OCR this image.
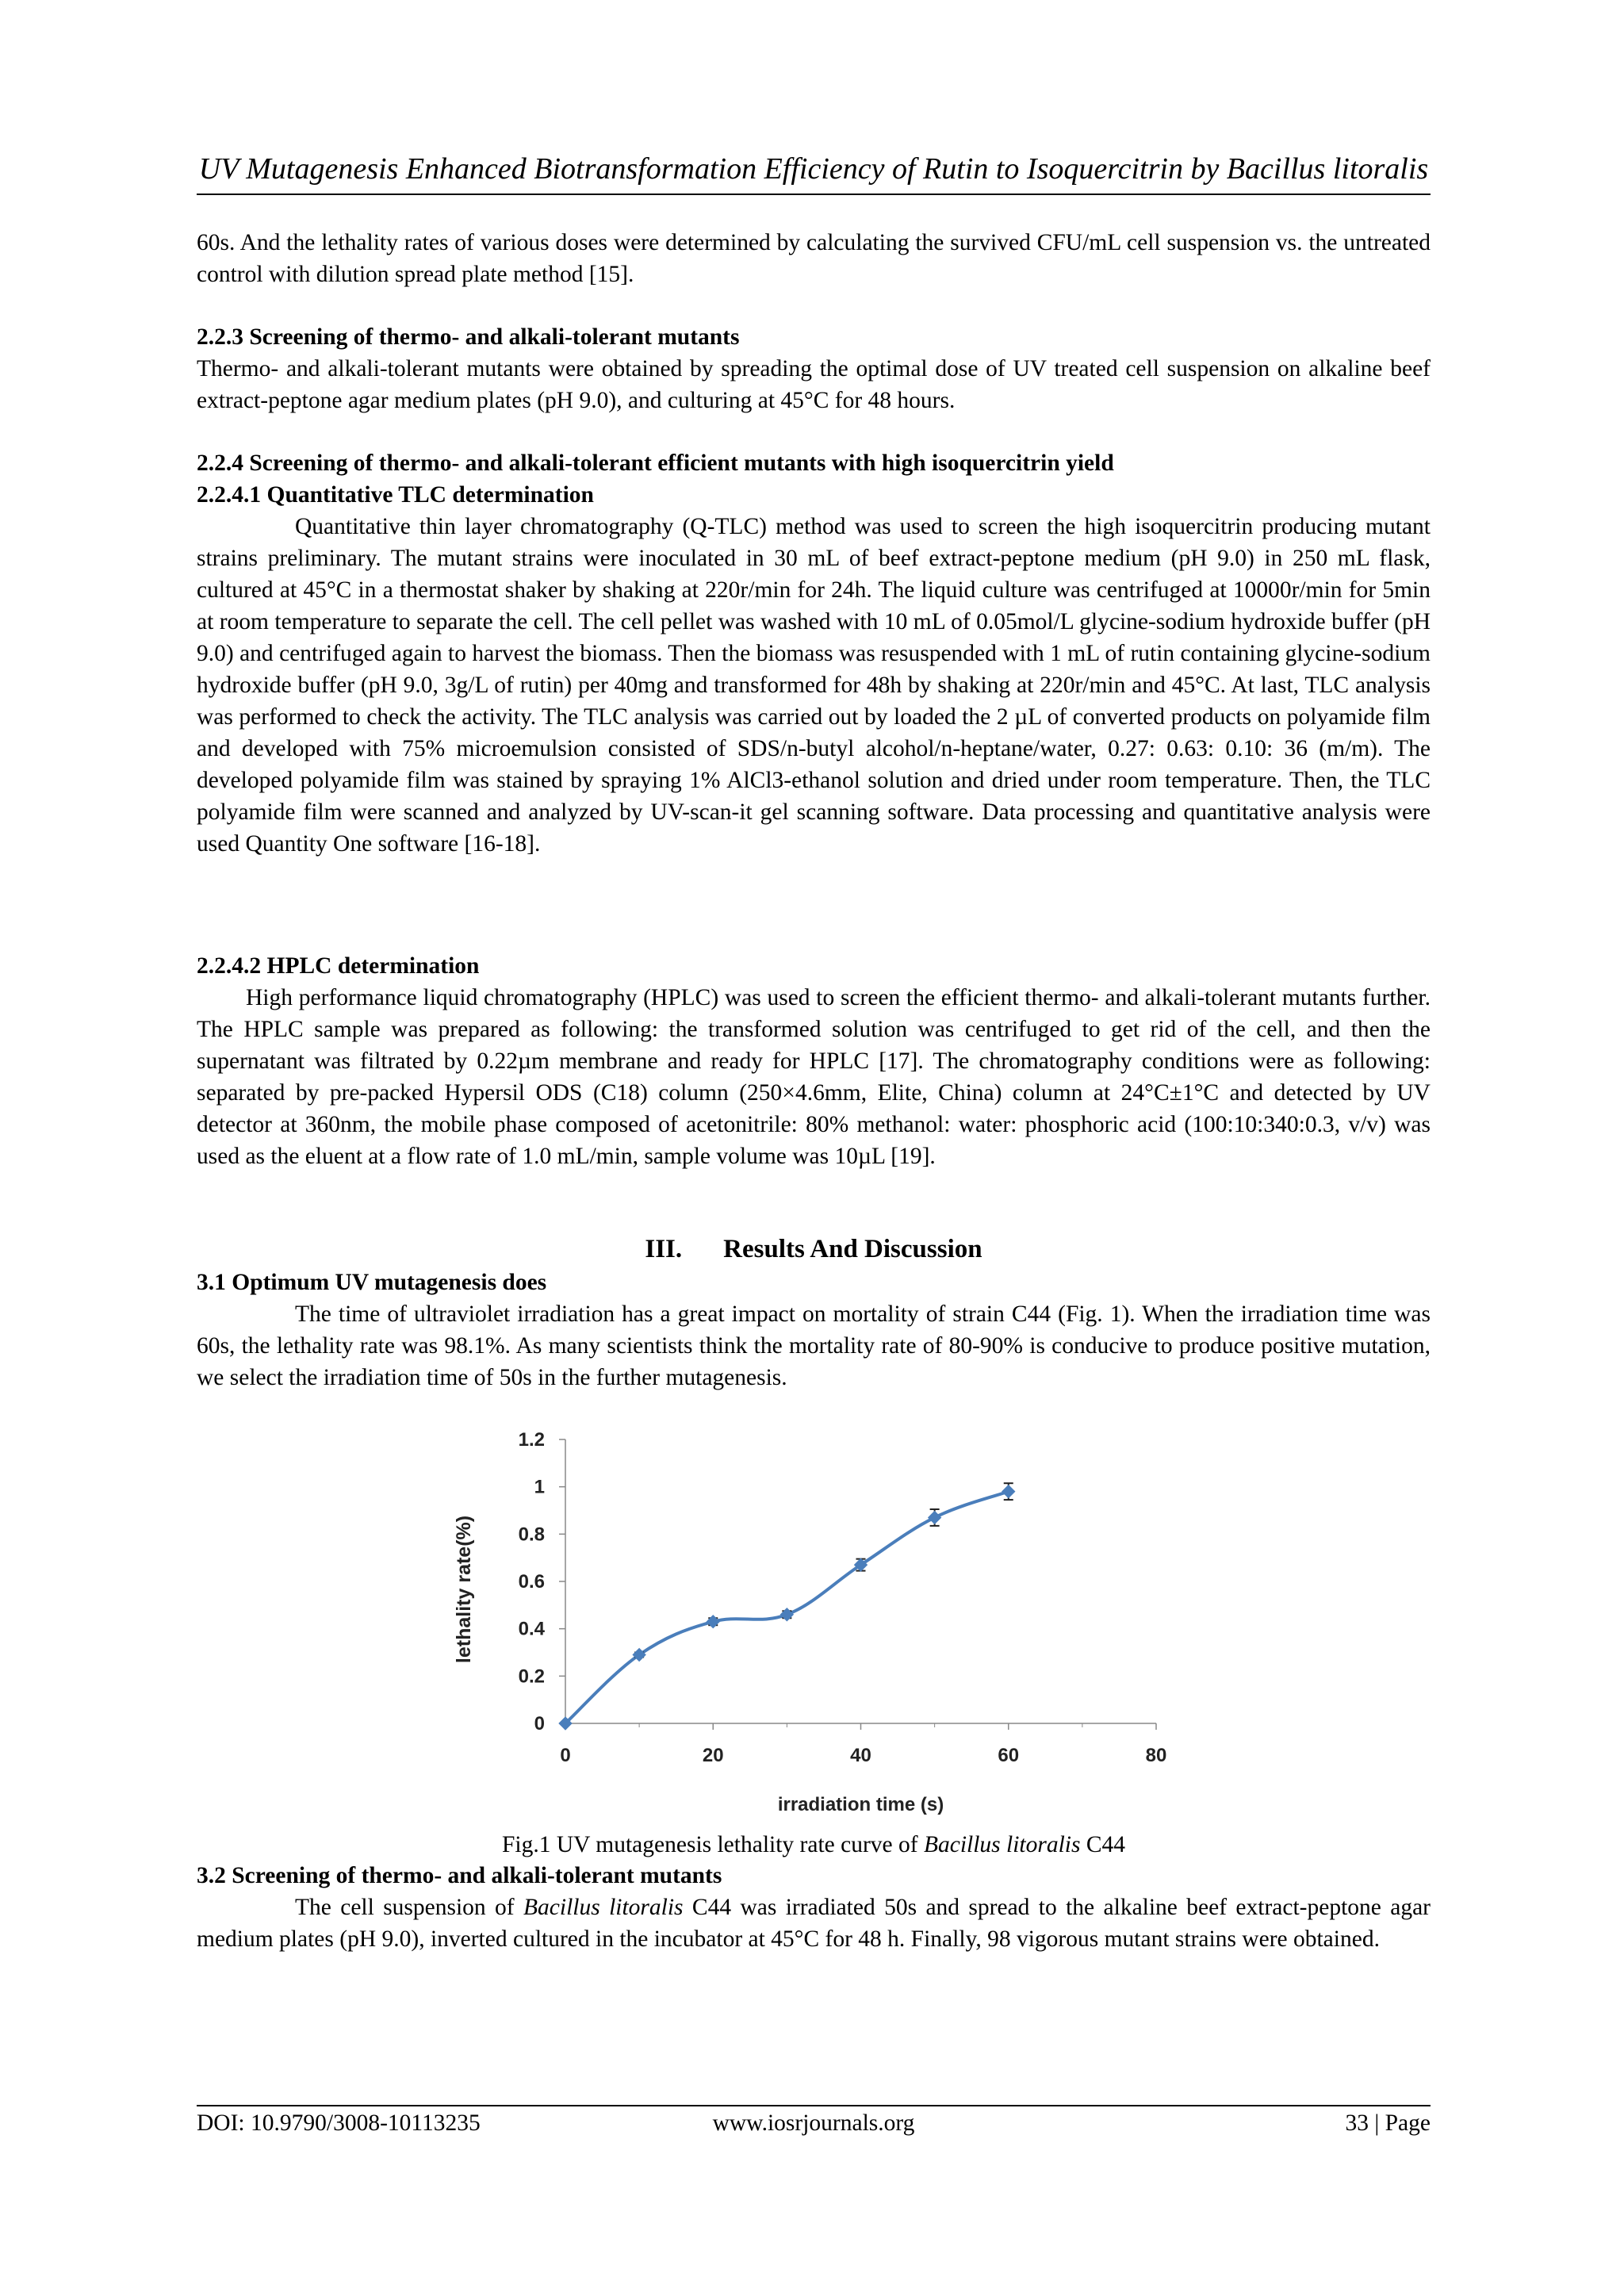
UV Mutagenesis Enhanced Biotransformation Efficiency of Rutin to Isoquercitrin by Bacillus litoralis

60s. And the lethality rates of various doses were determined by calculating the survived CFU/mL cell suspension vs. the untreated control with dilution spread plate method [15].

2.2.3 Screening of thermo- and alkali-tolerant mutants

Thermo- and alkali-tolerant mutants were obtained by spreading the optimal dose of UV treated cell suspension on alkaline beef extract-peptone agar medium plates (pH 9.0), and culturing at 45°C for 48 hours.

2.2.4 Screening of thermo- and alkali-tolerant efficient mutants with high isoquercitrin yield

2.2.4.1 Quantitative TLC determination

Quantitative thin layer chromatography (Q-TLC) method was used to screen the high isoquercitrin producing mutant strains preliminary. The mutant strains were inoculated in 30 mL of beef extract-peptone medium (pH 9.0) in 250 mL flask, cultured at 45°C in a thermostat shaker by shaking at 220r/min for 24h. The liquid culture was centrifuged at 10000r/min for 5min at room temperature to separate the cell. The cell pellet was washed with 10 mL of 0.05mol/L glycine-sodium hydroxide buffer (pH 9.0) and centrifuged again to harvest the biomass. Then the biomass was resuspended with 1 mL of rutin containing glycine-sodium hydroxide buffer (pH 9.0, 3g/L of rutin) per 40mg and transformed for 48h by shaking at 220r/min and 45°C. At last, TLC analysis was performed to check the activity. The TLC analysis was carried out by loaded the 2 µL of converted products on polyamide film and developed with 75% microemulsion consisted of SDS/n-butyl alcohol/n-heptane/water, 0.27: 0.63: 0.10: 36 (m/m). The developed polyamide film was stained by spraying 1% AlCl3-ethanol solution and dried under room temperature. Then, the TLC polyamide film were scanned and analyzed by UV-scan-it gel scanning software. Data processing and quantitative analysis were used Quantity One software [16-18].

2.2.4.2 HPLC determination

High performance liquid chromatography (HPLC) was used to screen the efficient thermo- and alkali-tolerant mutants further. The HPLC sample was prepared as following: the transformed solution was centrifuged to get rid of the cell, and then the supernatant was filtrated by 0.22µm membrane and ready for HPLC [17]. The chromatography conditions were as following: separated by pre-packed Hypersil ODS (C18) column (250×4.6mm, Elite, China) column at 24°C±1°C and detected by UV detector at 360nm, the mobile phase composed of acetonitrile: 80% methanol: water: phosphoric acid (100:10:340:0.3, v/v) was used as the eluent at a flow rate of 1.0 mL/min, sample volume was 10µL [19].

III. Results And Discussion

3.1 Optimum UV mutagenesis does

The time of ultraviolet irradiation has a great impact on mortality of strain C44 (Fig. 1). When the irradiation time was 60s, the lethality rate was 98.1%. As many scientists think the mortality rate of 80-90% is conducive to produce positive mutation, we select the irradiation time of 50s in the further mutagenesis.

0
0.2
0.4
0.6
0.8
1
1.2
0	20	40	60	80
irradiation time (s)
lethality rate(%)
Fig.1 UV mutagenesis lethality rate curve of Bacillus litoralis C44

3.2 Screening of thermo- and alkali-tolerant mutants

The cell suspension of Bacillus litoralis C44 was irradiated 50s and spread to the alkaline beef extract-peptone agar medium plates (pH 9.0), inverted cultured in the incubator at 45°C for 48 h. Finally, 98 vigorous mutant strains were obtained.

DOI: 10.9790/3008-10113235	www.iosrjournals.org	33 | Page
